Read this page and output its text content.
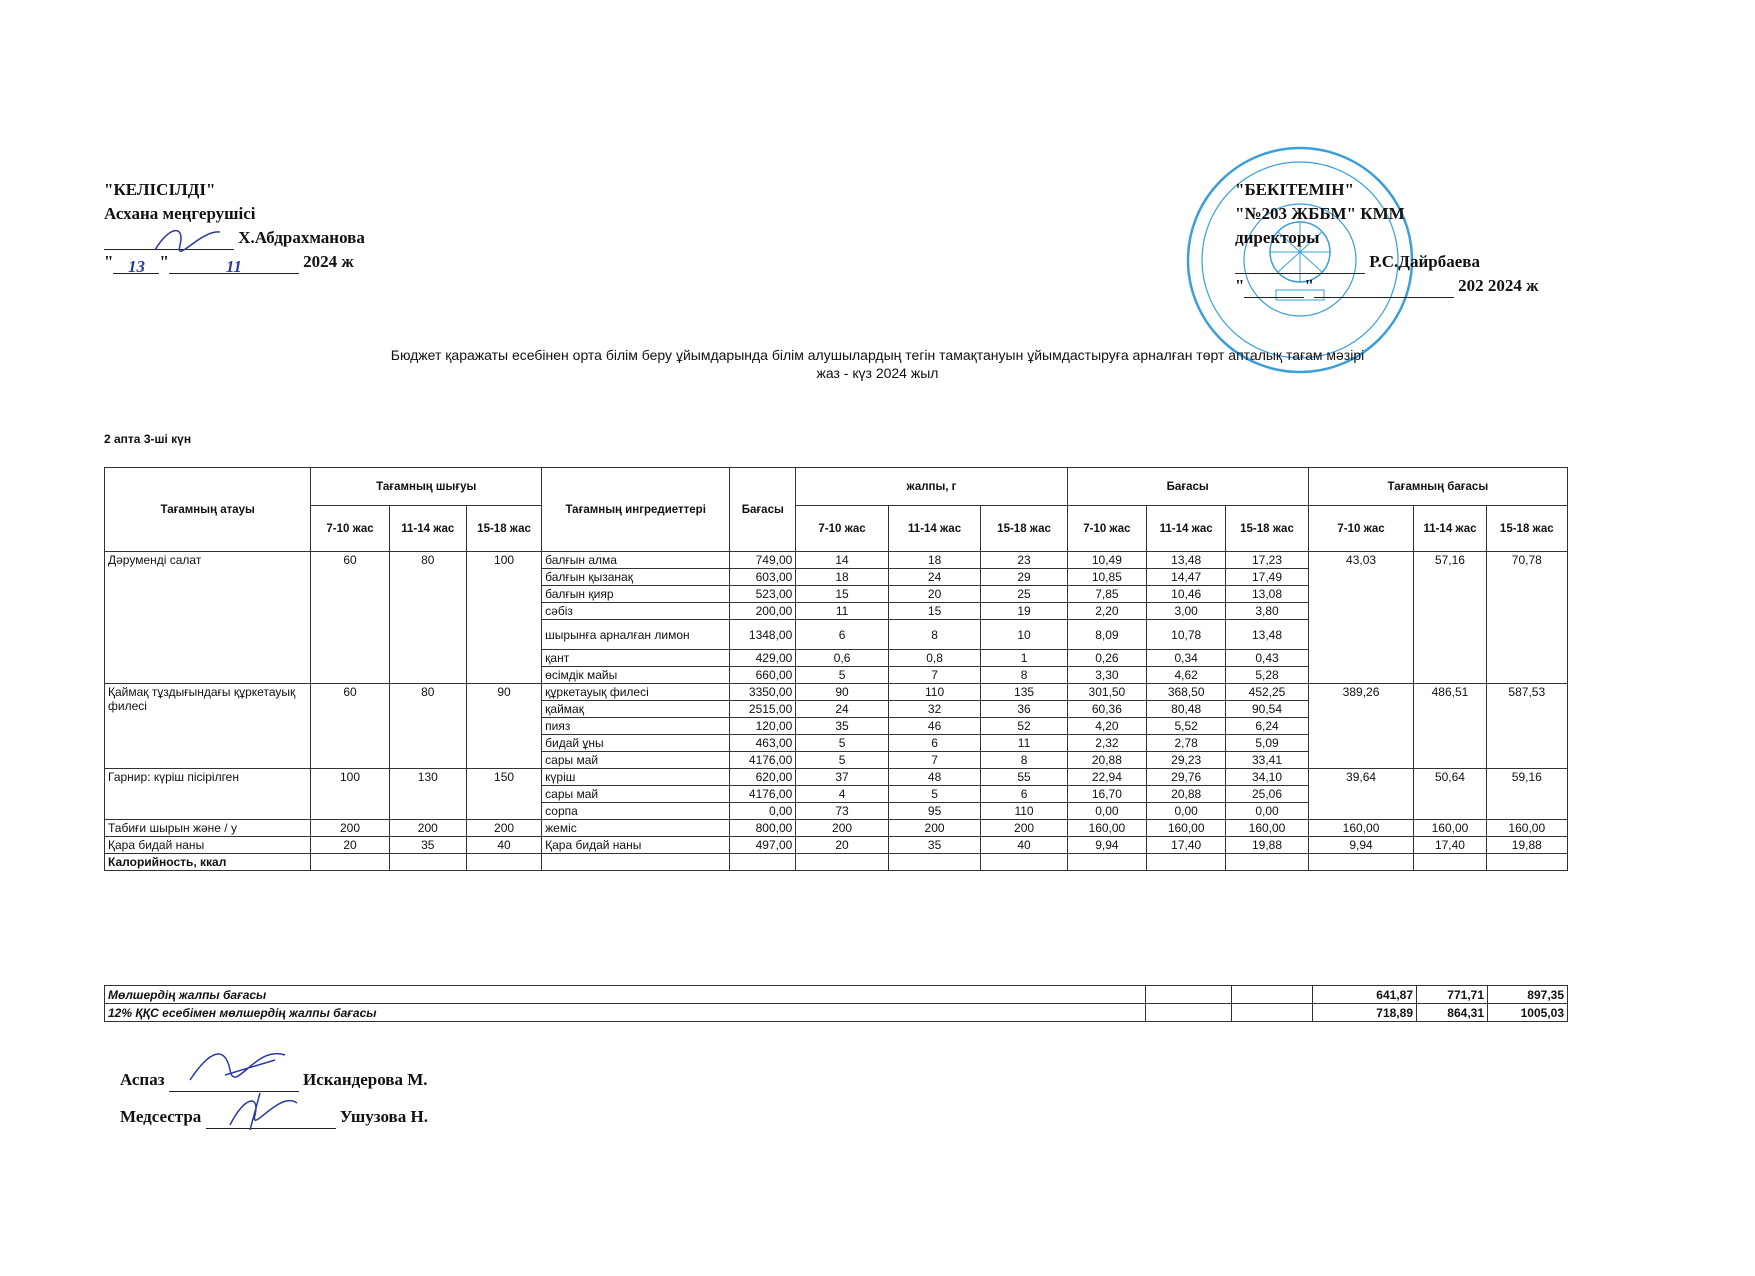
"КЕЛІСІЛДІ"
Асхана меңгерушісі
Х.Абдрахманова
" 13 "	11	2024 ж
"БЕКІТЕМІН"
"№203 ЖББМ" КММ
директоры
Р.С.Дайрбаева
"	"	202 2024 ж
Бюджет қаражаты есебінен орта білім беру ұйымдарында білім алушылардың тегін тамақтануын ұйымдастыруға арналған төрт апталық тағам мәзірі
жаз - күз 2024 жыл
2 апта 3-ші күн
Тағамның атауы	Тағамның шығуы			Тағамның ингредиеттері	Бағасы	жалпы, г			Бағасы			Тағамның бағасы		
	7-10 жас	11-14 жас	15-18 жас			7-10 жас	11-14 жас	15-18 жас	7-10 жас	11-14 жас	15-18 жас	7-10 жас	11-14 жас	15-18 жас
Дәрумендi салат	60	80	100	балғын алма	749,00	14	18	23	10,49	13,48	17,23	43,03	57,16	70,78
				балғын қызанақ	603,00	18	24	29	10,85	14,47	17,49			
				балғын қияр	523,00	15	20	25	7,85	10,46	13,08			
				сәбіз	200,00	11	15	19	2,20	3,00	3,80			
				шырынға арналған лимон	1348,00	6	8	10	8,09	10,78	13,48			
				қант	429,00	0,6	0,8	1	0,26	0,34	0,43			
				өсімдік майы	660,00	5	7	8	3,30	4,62	5,28			
Қаймақ тұздығындағы құркетауық филесі	60	80	90	құркетауық филесі	3350,00	90	110	135	301,50	368,50	452,25	389,26	486,51	587,53
				қаймақ	2515,00	24	32	36	60,36	80,48	90,54			
				пияз	120,00	35	46	52	4,20	5,52	6,24			
				бидай ұны	463,00	5	6	11	2,32	2,78	5,09			
				сары май	4176,00	5	7	8	20,88	29,23	33,41			
Гарнир: күріш пісірілген	100	130	150	күріш	620,00	37	48	55	22,94	29,76	34,10	39,64	50,64	59,16
				сары май	4176,00	4	5	6	16,70	20,88	25,06			
				сорпа	0,00	73	95	110	0,00	0,00	0,00			
Табиғи шырын және / у	200	200	200	жеміс	800,00	200	200	200	160,00	160,00	160,00	160,00	160,00	160,00
Қара бидай наны	20	35	40	Қара бидай наны	497,00	20	35	40	9,94	17,40	19,88	9,94	17,40	19,88
Калорийность, ккал														
Мөлшердің жалпы бағасы			641,87	771,71	897,35
12% ҚҚС есебімен мөлшердің жалпы бағасы			718,89	864,31	1005,03
Аспаз	Искандерова М.
Медсестра	Ушузова Н.
